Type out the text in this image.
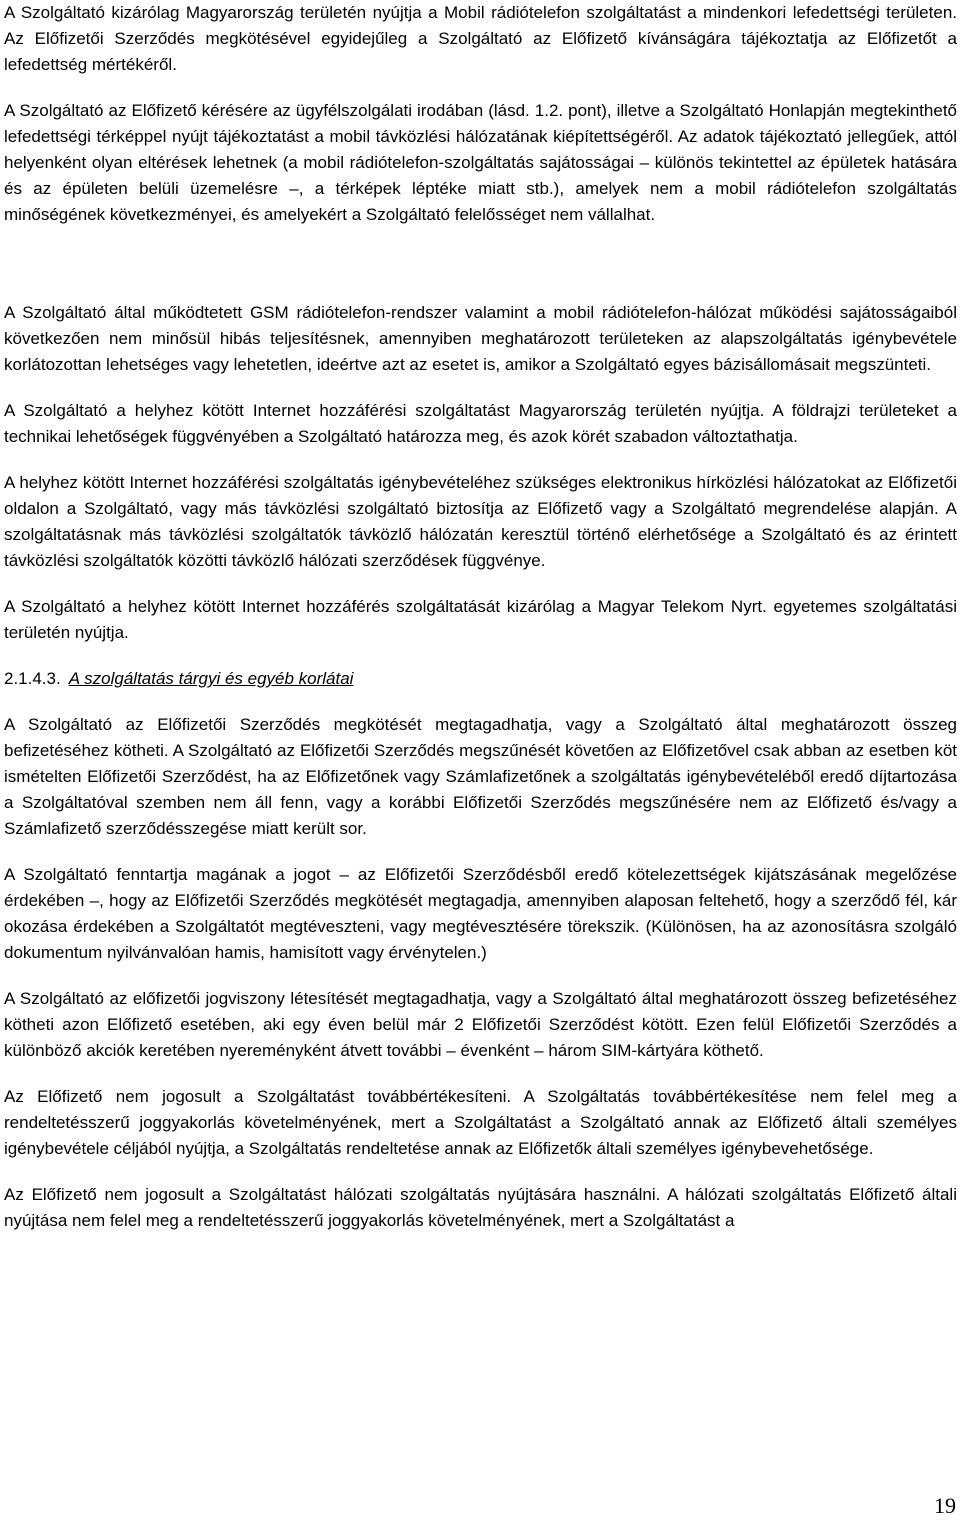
A Szolgáltató kizárólag Magyarország területén nyújtja a Mobil rádiótelefon szolgáltatást a mindenkori lefedettségi területen. Az Előfizetői Szerződés megkötésével egyidejűleg a Szolgáltató az Előfizető kívánságára tájékoztatja az Előfizetőt a lefedettség mértékéről.

A Szolgáltató az Előfizető kérésére az ügyfélszolgálati irodában (lásd. 1.2. pont), illetve a Szolgáltató Honlapján megtekinthető lefedettségi térképpel nyújt tájékoztatást a mobil távközlési hálózatának kiépítettségéről. Az adatok tájékoztató jellegűek, attól helyenként olyan eltérések lehetnek (a mobil rádiótelefon-szolgáltatás sajátosságai – különös tekintettel az épületek hatására és az épületen belüli üzemelésre –, a térképek léptéke miatt stb.), amelyek nem a mobil rádiótelefon szolgáltatás minőségének következményei, és amelyekért a Szolgáltató felelősséget nem vállalhat.

A Szolgáltató által működtetett GSM rádiótelefon-rendszer valamint a mobil rádiótelefon-hálózat működési sajátosságaiból következően nem minősül hibás teljesítésnek, amennyiben meghatározott területeken az alapszolgáltatás igénybevétele korlátozottan lehetséges vagy lehetetlen, ideértve azt az esetet is, amikor a Szolgáltató egyes bázisállomásait megszünteti.

A Szolgáltató a helyhez kötött Internet hozzáférési szolgáltatást Magyarország területén nyújtja. A földrajzi területeket a technikai lehetőségek függvényében a Szolgáltató határozza meg, és azok körét szabadon változtathatja.

A helyhez kötött Internet hozzáférési szolgáltatás igénybevételéhez szükséges elektronikus hírközlési hálózatokat az Előfizetői oldalon a Szolgáltató, vagy más távközlési szolgáltató biztosítja az Előfizető vagy a Szolgáltató megrendelése alapján. A szolgáltatásnak más távközlési szolgáltatók távközlő hálózatán keresztül történő elérhetősége a Szolgáltató és az érintett távközlési szolgáltatók közötti távközlő hálózati szerződések függvénye.

A Szolgáltató a helyhez kötött Internet hozzáférés szolgáltatását kizárólag a Magyar Telekom Nyrt. egyetemes szolgáltatási területén nyújtja.

2.1.4.3. A szolgáltatás tárgyi és egyéb korlátai

A Szolgáltató az Előfizetői Szerződés megkötését megtagadhatja, vagy a Szolgáltató által meghatározott összeg befizetéséhez kötheti. A Szolgáltató az Előfizetői Szerződés megszűnését követően az Előfizetővel csak abban az esetben köt ismételten Előfizetői Szerződést, ha az Előfizetőnek vagy Számlafizetőnek a szolgáltatás igénybevételéből eredő díjtartozása a Szolgáltatóval szemben nem áll fenn, vagy a korábbi Előfizetői Szerződés megszűnésére nem az Előfizető és/vagy a Számlafizető szerződésszegése miatt került sor.

A Szolgáltató fenntartja magának a jogot – az Előfizetői Szerződésből eredő kötelezettségek kijátszásának megelőzése érdekében –, hogy az Előfizetői Szerződés megkötését megtagadja, amennyiben alaposan feltehető, hogy a szerződő fél, kár okozása érdekében a Szolgáltatót megtéveszteni, vagy megtévesztésére törekszik. (Különösen, ha az azonosításra szolgáló dokumentum nyilvánvalóan hamis, hamisított vagy érvénytelen.)

A Szolgáltató az előfizetői jogviszony létesítését megtagadhatja, vagy a Szolgáltató által meghatározott összeg befizetéséhez kötheti azon Előfizető esetében, aki egy éven belül már 2 Előfizetői Szerződést kötött. Ezen felül Előfizetői Szerződés a különböző akciók keretében nyereményként átvett további – évenként – három SIM-kártyára köthető.

Az Előfizető nem jogosult a Szolgáltatást továbbértékesíteni. A Szolgáltatás továbbértékesítése nem felel meg a rendeltetésszerű joggyakorlás követelményének, mert a Szolgáltatást a Szolgáltató annak az Előfizető általi személyes igénybevétele céljából nyújtja, a Szolgáltatás rendeltetése annak az Előfizetők általi személyes igénybevehetősége.

Az Előfizető nem jogosult a Szolgáltatást hálózati szolgáltatás nyújtására használni. A hálózati szolgáltatás Előfizető általi nyújtása nem felel meg a rendeltetésszerű joggyakorlás követelményének, mert a Szolgáltatást a

19
